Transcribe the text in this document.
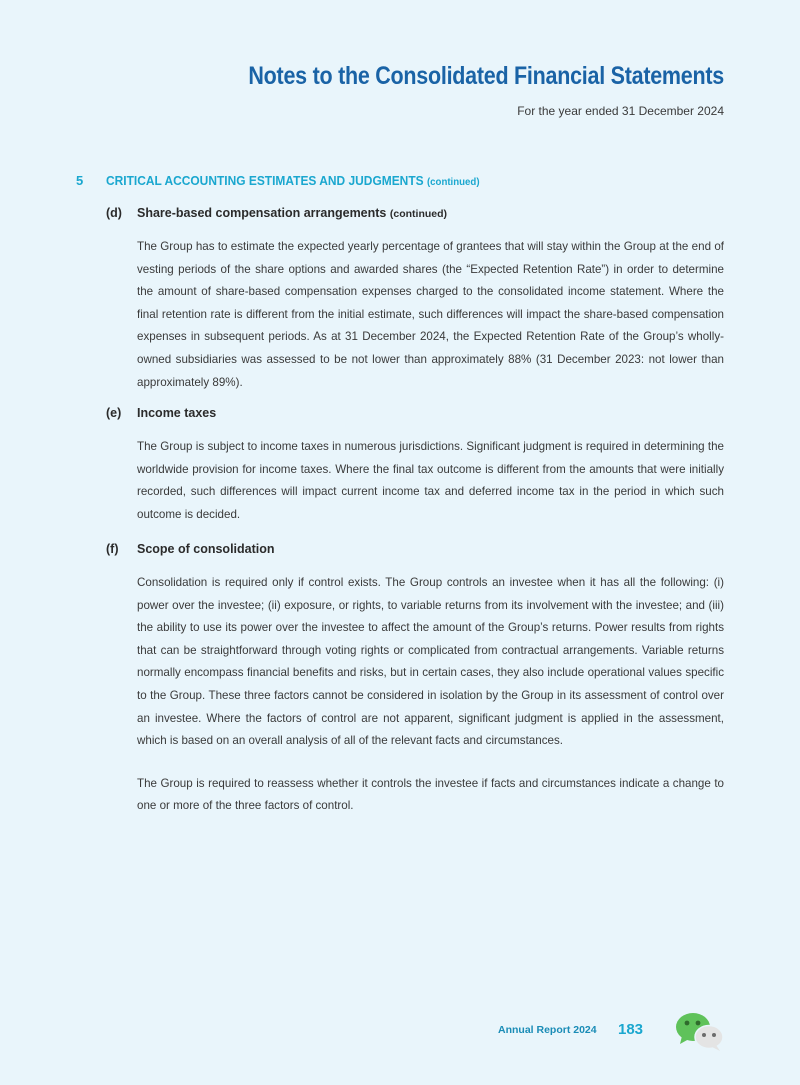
Notes to the Consolidated Financial Statements
For the year ended 31 December 2024
5 CRITICAL ACCOUNTING ESTIMATES AND JUDGMENTS (continued)
(d) Share-based compensation arrangements (continued)

The Group has to estimate the expected yearly percentage of grantees that will stay within the Group at the end of vesting periods of the share options and awarded shares (the “Expected Retention Rate”) in order to determine the amount of share-based compensation expenses charged to the consolidated income statement. Where the final retention rate is different from the initial estimate, such differences will impact the share-based compensation expenses in subsequent periods. As at 31 December 2024, the Expected Retention Rate of the Group’s wholly-owned subsidiaries was assessed to be not lower than approximately 88% (31 December 2023: not lower than approximately 89%).

(e) Income taxes

The Group is subject to income taxes in numerous jurisdictions. Significant judgment is required in determining the worldwide provision for income taxes. Where the final tax outcome is different from the amounts that were initially recorded, such differences will impact current income tax and deferred income tax in the period in which such outcome is decided.

(f) Scope of consolidation

Consolidation is required only if control exists. The Group controls an investee when it has all the following: (i) power over the investee; (ii) exposure, or rights, to variable returns from its involvement with the investee; and (iii) the ability to use its power over the investee to affect the amount of the Group’s returns. Power results from rights that can be straightforward through voting rights or complicated from contractual arrangements. Variable returns normally encompass financial benefits and risks, but in certain cases, they also include operational values specific to the Group. These three factors cannot be considered in isolation by the Group in its assessment of control over an investee. Where the factors of control are not apparent, significant judgment is applied in the assessment, which is based on an overall analysis of all of the relevant facts and circumstances.

The Group is required to reassess whether it controls the investee if facts and circumstances indicate a change to one or more of the three factors of control.

Annual Report 2024 183
